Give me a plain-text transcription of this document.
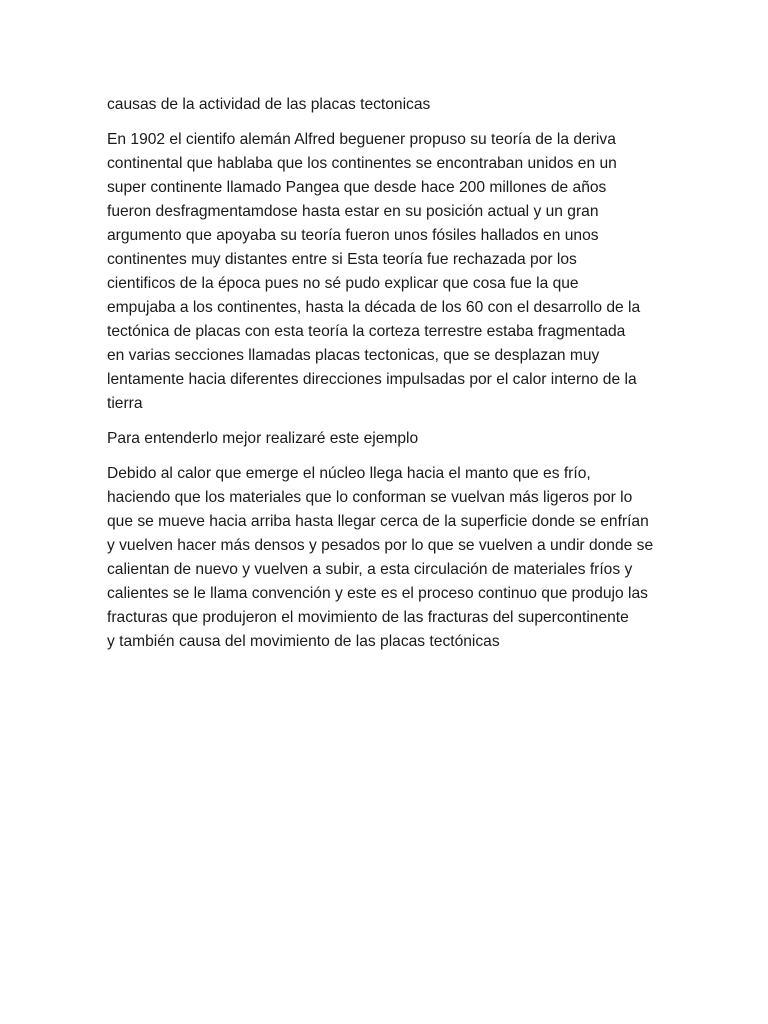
causas de la actividad de las placas tectonicas

En 1902 el cientifo alemán Alfred beguener propuso su teoría de la deriva
continental que hablaba que los continentes se encontraban unidos en un
super continente llamado Pangea que desde hace 200 millones de años
fueron desfragmentamdose hasta estar en su posición actual y un gran
argumento que apoyaba su teoría fueron unos fósiles hallados en unos
continentes muy distantes entre si Esta teoría fue rechazada por los
cientificos de la época pues no sé pudo explicar que cosa fue la que
empujaba a los continentes, hasta la década de los 60 con el desarrollo de la
tectónica de placas con esta teoría la corteza terrestre estaba fragmentada
en varias secciones llamadas placas tectonicas, que se desplazan muy
lentamente hacia diferentes direcciones impulsadas por el calor interno de la
tierra

Para entenderlo mejor realizaré este ejemplo

Debido al calor que emerge el núcleo llega hacia el manto que es frío,
haciendo que los materiales que lo conforman se vuelvan más ligeros por lo
que se mueve hacia arriba hasta llegar cerca de la superficie donde se enfrían
y vuelven hacer más densos y pesados por lo que se vuelven a undir donde se
calientan de nuevo y vuelven a subir, a esta circulación de materiales fríos y
calientes se le llama convención y este es el proceso continuo que produjo las
fracturas que produjeron el movimiento de las fracturas del supercontinente
y también causa del movimiento de las placas tectónicas
